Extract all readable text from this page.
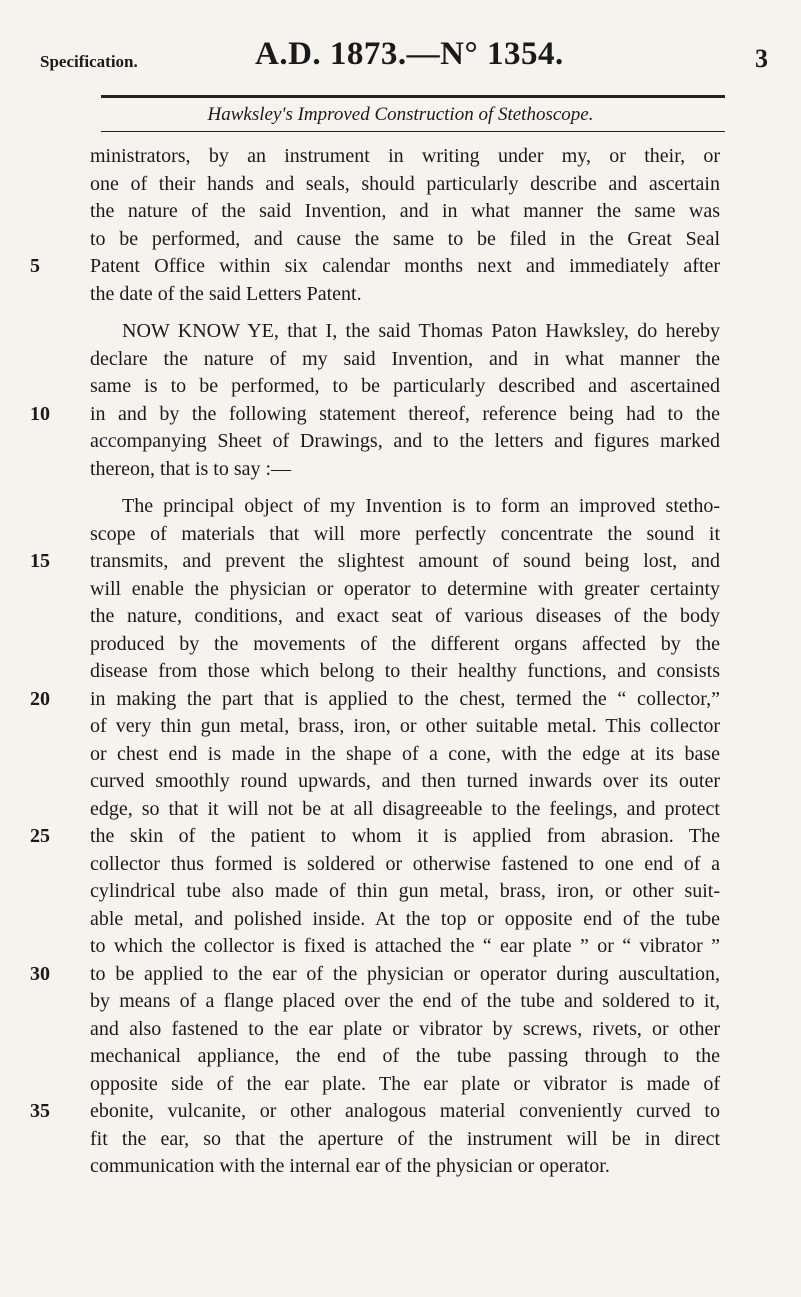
Specification.	A.D. 1873.—N° 1354.	3
Hawksley's Improved Construction of Stethoscope.
ministrators, by an instrument in writing under my, or their, or
one of their hands and seals, should particularly describe and ascertain
the nature of the said Invention, and in what manner the same was
to be performed, and cause the same to be filed in the Great Seal
5	Patent Office within six calendar months next and immediately after
the date of the said Letters Patent.
NOW KNOW YE, that I, the said Thomas Paton Hawksley, do hereby
declare the nature of my said Invention, and in what manner the
same is to be performed, to be particularly described and ascertained
10	in and by the following statement thereof, reference being had to the
accompanying Sheet of Drawings, and to the letters and figures marked
thereon, that is to say :—
The principal object of my Invention is to form an improved stetho-
scope of materials that will more perfectly concentrate the sound it
15	transmits, and prevent the slightest amount of sound being lost, and
will enable the physician or operator to determine with greater certainty
the nature, conditions, and exact seat of various diseases of the body
produced by the movements of the different organs affected by the
disease from those which belong to their healthy functions, and consists
20	in making the part that is applied to the chest, termed the “ collector,”
of very thin gun metal, brass, iron, or other suitable metal. This collector
or chest end is made in the shape of a cone, with the edge at its base
curved smoothly round upwards, and then turned inwards over its outer
edge, so that it will not be at all disagreeable to the feelings, and protect
25	the skin of the patient to whom it is applied from abrasion. The
collector thus formed is soldered or otherwise fastened to one end of a
cylindrical tube also made of thin gun metal, brass, iron, or other suit-
able metal, and polished inside. At the top or opposite end of the tube
to which the collector is fixed is attached the “ ear plate ” or “ vibrator ”
30	to be applied to the ear of the physician or operator during auscultation,
by means of a flange placed over the end of the tube and soldered to it,
and also fastened to the ear plate or vibrator by screws, rivets, or other
mechanical appliance, the end of the tube passing through to the
opposite side of the ear plate. The ear plate or vibrator is made of
35	ebonite, vulcanite, or other analogous material conveniently curved to
fit the ear, so that the aperture of the instrument will be in direct
communication with the internal ear of the physician or operator.
